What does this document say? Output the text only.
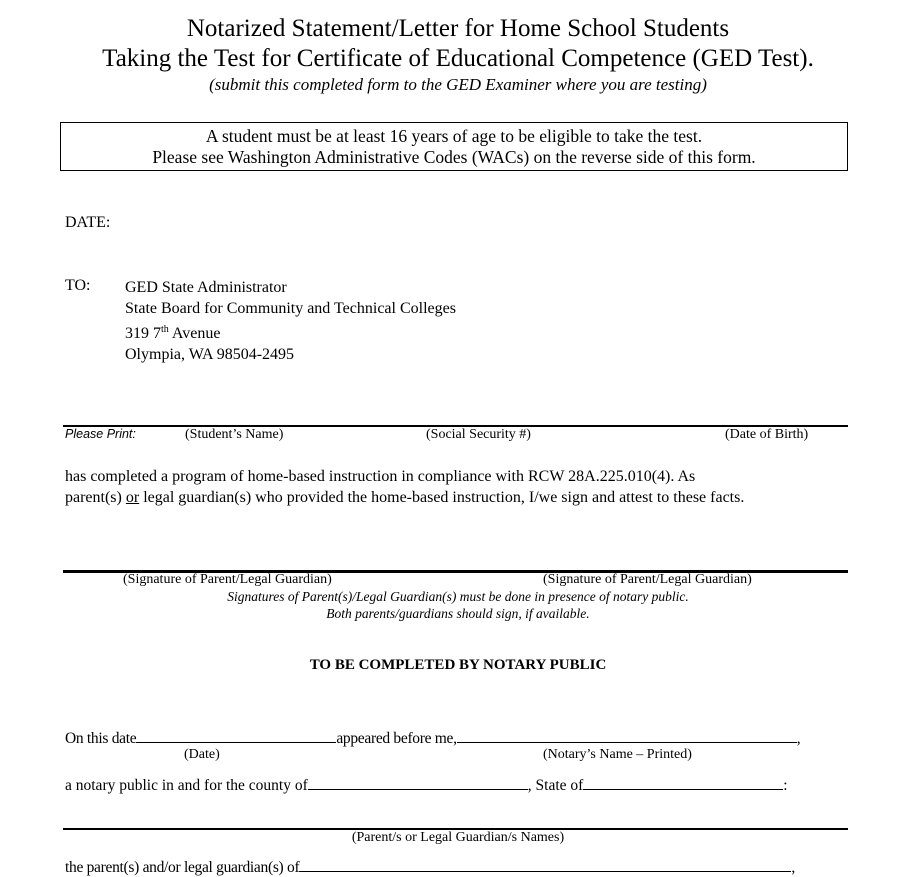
Notarized Statement/Letter for Home School Students
Taking the Test for Certificate of Educational Competence (GED Test).
(submit this completed form to the GED Examiner where you are testing)
A student must be at least 16 years of age to be eligible to take the test.
Please see Washington Administrative Codes (WACs) on the reverse side of this form.
DATE:
TO: GED State Administrator
State Board for Community and Technical Colleges
319 7th Avenue
Olympia, WA 98504-2495
Please Print:	(Student’s Name)	(Social Security #)	(Date of Birth)
has completed a program of home-based instruction in compliance with RCW 28A.225.010(4). As
parent(s) or legal guardian(s) who provided the home-based instruction, I/we sign and attest to these facts.
(Signature of Parent/Legal Guardian)	(Signature of Parent/Legal Guardian)
Signatures of Parent(s)/Legal Guardian(s) must be done in presence of notary public.
Both parents/guardians should sign, if available.
TO BE COMPLETED BY NOTARY PUBLIC
On this date	appeared before me,	,
(Date)	(Notary’s Name – Printed)
a notary public in and for the county of	, State of	:
(Parent/s or Legal Guardian/s Names)
the parent(s) and/or legal guardian(s) of	,
